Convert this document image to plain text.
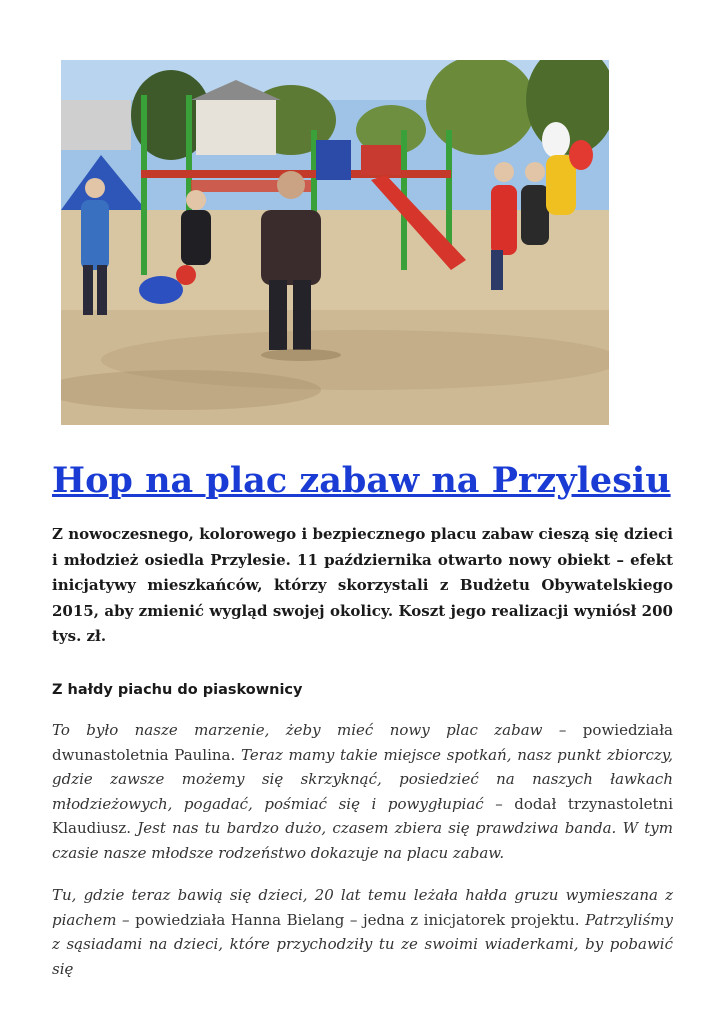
Hop na plac zabaw na Przylesiu

Z nowoczesnego, kolorowego i bezpiecznego placu zabaw cieszą się dzieci i młodzież osiedla Przylesie. 11 października otwarto nowy obiekt – efekt inicjatywy mieszkańców, którzy skorzystali z Budżetu Obywatelskiego 2015, aby zmienić wygląd swojej okolicy. Koszt jego realizacji wyniósł 200 tys. zł.

Z hałdy piachu do piaskownicy

To było nasze marzenie, żeby mieć nowy plac zabaw – powiedziała dwunastoletnia Paulina. Teraz mamy takie miejsce spotkań, nasz punkt zbiorczy, gdzie zawsze możemy się skrzyknąć, posiedzieć na naszych ławkach młodzieżowych, pogadać, pośmiać się i powygłupiać – dodał trzynastoletni Klaudiusz. Jest nas tu bardzo dużo, czasem zbiera się prawdziwa banda. W tym czasie nasze młodsze rodzeństwo dokazuje na placu zabaw.

Tu, gdzie teraz bawią się dzieci, 20 lat temu leżała hałda gruzu wymieszana z piachem – powiedziała Hanna Bielang – jedna z inicjatorek projektu. Patrzyliśmy z sąsiadami na dzieci, które przychodziły tu ze swoimi wiaderkami, by pobawić się
